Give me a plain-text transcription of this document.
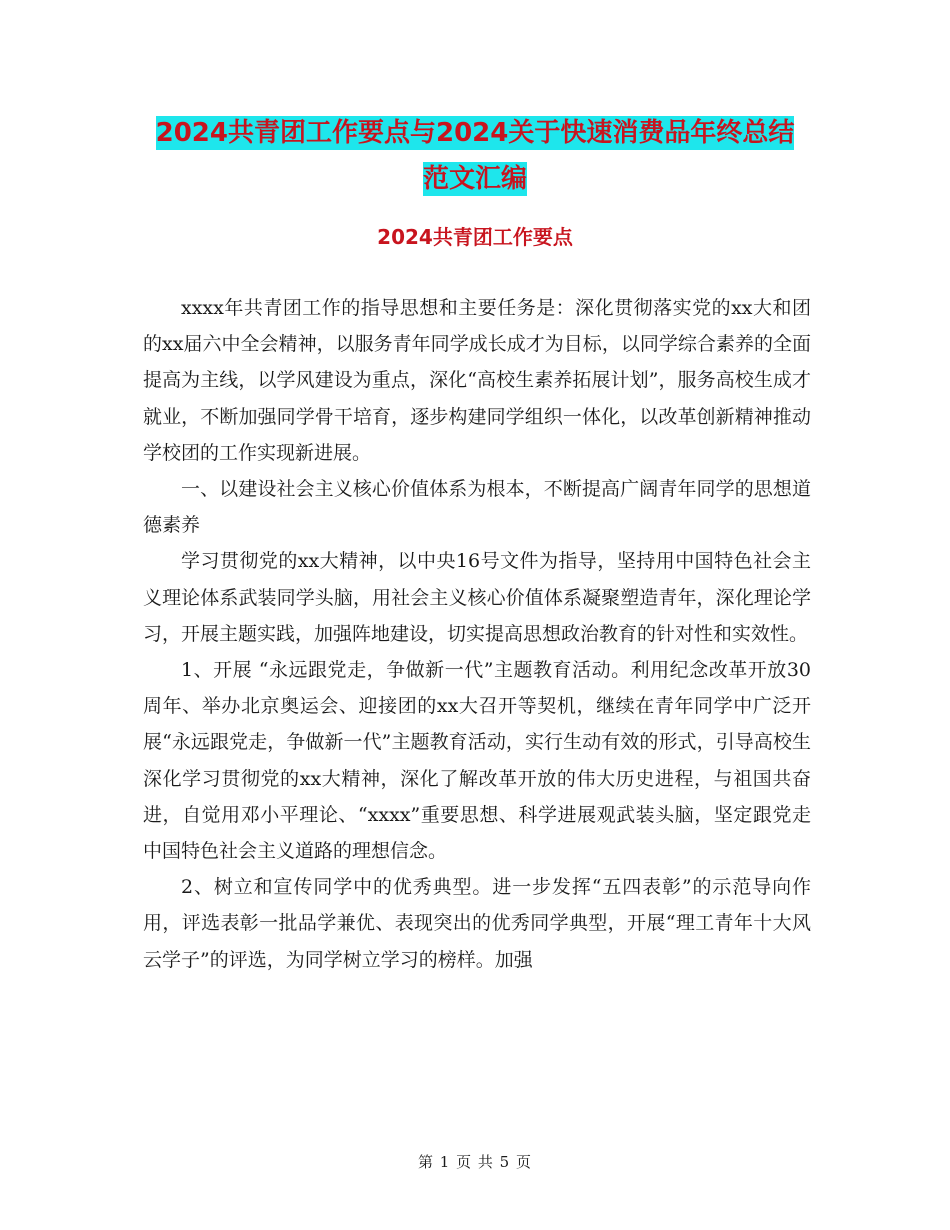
2024共青团工作要点与2024关于快速消费品年终总结
范文汇编
2024共青团工作要点

xxxx年共青团工作的指导思想和主要任务是：深化贯彻落实党的xx大和团的xx届六中全会精神，以服务青年同学成长成才为目标，以同学综合素养的全面提高为主线，以学风建设为重点，深化“高校生素养拓展计划”，服务高校生成才就业，不断加强同学骨干培育，逐步构建同学组织一体化，以改革创新精神推动学校团的工作实现新进展。

一、以建设社会主义核心价值体系为根本，不断提高广阔青年同学的思想道德素养

学习贯彻党的xx大精神，以中央16号文件为指导，坚持用中国特色社会主义理论体系武装同学头脑，用社会主义核心价值体系凝聚塑造青年，深化理论学习，开展主题实践，加强阵地建设，切实提高思想政治教育的针对性和实效性。

1、开展 “永远跟党走，争做新一代”主题教育活动。利用纪念改革开放30周年、举办北京奥运会、迎接团的xx大召开等契机，继续在青年同学中广泛开展“永远跟党走，争做新一代”主题教育活动，实行生动有效的形式，引导高校生深化学习贯彻党的xx大精神，深化了解改革开放的伟大历史进程，与祖国共奋进，自觉用邓小平理论、“xxxx”重要思想、科学进展观武装头脑，坚定跟党走中国特色社会主义道路的理想信念。

2、树立和宣传同学中的优秀典型。进一步发挥“五四表彰”的示范导向作用，评选表彰一批品学兼优、表现突出的优秀同学典型，开展“理工青年十大风云学子”的评选，为同学树立学习的榜样。加强

第 1 页 共 5 页
